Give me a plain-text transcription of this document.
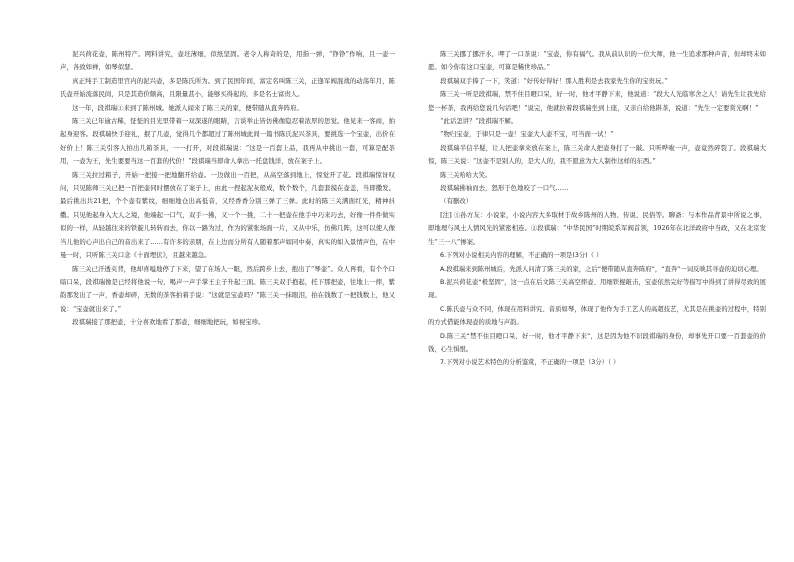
泥兴荷花壶，陈州特产。网料讲究，壶坯薄细，似纸坚固。老令人称奇的是，用指一弹，“铮铮”作响，且一壶一声，各致如禅，如琴似瑟。

真正纯手工制造里宫内的泥兴壶，多是陈氏所为。到了民国年间，富定名叫陈三关，正逢军阀混战的动荡年月，陈氏壶开始流落民间，只是其造价颇高，且限量甚小，能够买得起的，多是名士富贵人。

这一年，段祺瑞①来到了陈州城。她派人闻来了陈三关的家，便带随从直奔阵府。

陈三关已年逾古稀，怔怔的目光里带着一双深遂的眼睛，言谈举止皆仿佛像隐忍着浓厚的思觉。他见来一客商，拍起身迎客。段祺瑞快手迎礼，抿了几壶，觉得几个都超过了陈州城此间一篇书陈氏泥兴茶具，要挑选一个宝壶，出价在好价上！陈三关引客人拍出几箱茶具，一一打开，对段祺瑞说：“这是一百套上品，我再从中挑出一套，可算是配茶用，一壶为王，先生要要当这一百套的代价！”段祺瑞当即命人拿出一托盘钱洋，放在案子上。

陈三关拉过箱子，开始一把接一把地翻开给壶。一边做出一百把，从高空落到地上，惊觉开了花。段祺瑞惊讶叹问，只见陈师三关已把一百把壶同时摆放在了案子上，由此一捏起泥灰般成，数个数个，几套套摸在壶盖，当即撒发。最后挑出共21把，个个壶有紫纹，细细地仓出高低音，又经香香分别三弹了三弹。此时的陈三关满面红光，精神抖擞。只见他起身入大人之境，他端起一口气，双手一拂，又一个一挑，二十一把壶在他手中巧来巧去，好像一件件做实似的一样，从轻越往来的铁靛儿转转而去，你以一路为过，作为的紧张场面一片，又从中乐，仿佛几阵，这可以使人像当儿他的心声出自己的音出来了……有许多的亲朋，在上边而分所有人随着那声如同中奏，真实的如入景情声色，在中曼一时，只听陈三关口念《十面埋伏》，且越来越急。

陈三关已汗透夹背，他却喜嗌地停了下来，望了在场人一眼，然后跨步上去，抱出了“琴壶”。众人再看，有个个口暗口呆，段祺瑞像是已经将他说一句，喝声一声手掌王主子升起三面。陈三关双手抱起，托下那把壶，往地上一摔，紫韵那发出了一声，香壶却碎，无数的茶客拍着手说：“这就是宝壶吗？”陈三关一抹眼泪，拍在钱数了一把钱数上，他又说：“宝壶就出来了。”

段祺瑞接了那把壶，十分喜欢地看了那壶，细细地把玩，如视宝珍。

陈三关挪了挪汗水，呷了一口茶说：“宝壶，你有福气。我从前认识的一位大师，他一生追求那种声音，但却终未如愿。如今你有这口宝壶，可算是稀世珍品。”

段祺瑞双手捧了一下，笑道：“好传好得好！那人胜利是去我家先生你的宝贵玩。”

陈三关一听是段祺瑞，禁不住目瞪口呆，好一时，他才平静下来，他说道：“段大人光临寒舍之人！请先生让我先给您一杯茶，我再给您说几句话吧！”说完，他就拉着段祺瑞坐到上座，又亲自给他斟茶，说道：“先生一定要赏光啊！”

“此话怎讲？”段祺瑞不解。

“物归宝壶，于律只是一壶！宝壶大人壶不宝，可当面一试！”

段祺瑞半信半疑，让人把壶拿来放在案上，陈三关命人把壶身打了一敲。只听哗啦一声，壶竟然碎裂了。段祺瑞大惊，陈三关说：“这壶不是别人的，是大人的，我不愿意为大人制作这样的东西。”

陈三关哈哈大笑。

段祺瑞拂袖而去，怒形于色地咬了一口气……

（有删改）

[注] ①孙方友：小说家，小说内容大多取材于故乡陈州的人物、传说、民俗等。聊斋：与本作品背景中所说之事，即地理与风土人情风光的紧密相连。②段祺瑞：“中华民国”时期皖系军阀首领，1926年在北洋政府中当政，又在北京发生“三一八”惨案。

6.下列对小说相关内容的理解，不正确的一项是(3分)（ ）

A.段祺瑞来到陈州城后，先派人问清了陈三关的家，之后“便带随从直奔陈府”，“直奔”一词反映其寻壶的迫切心理。

B.泥兴荷花壶“极坚固”，这一点在后文陈三关高空摔壶、用细铁棍敲击，宝壶依然完好等描写中得到了讲得尽致的展现。

C.陈氏壶与众不同，体现在用料讲究、音质如琴，体现了他作为手工艺人的高超技艺，尤其是在挑壶的过程中，特别的方式借能体现壶的质地与声韵。

D.陈三关“禁不住目瞪口呆，好一时，他才平静下来”，这是因为他不识段祺瑞的身份，却事先开口要一百套壶的价钱，心生惧恨。

7.下列对小说艺术特色的分析鉴赏，不正确的一项是（3分）（ ）
